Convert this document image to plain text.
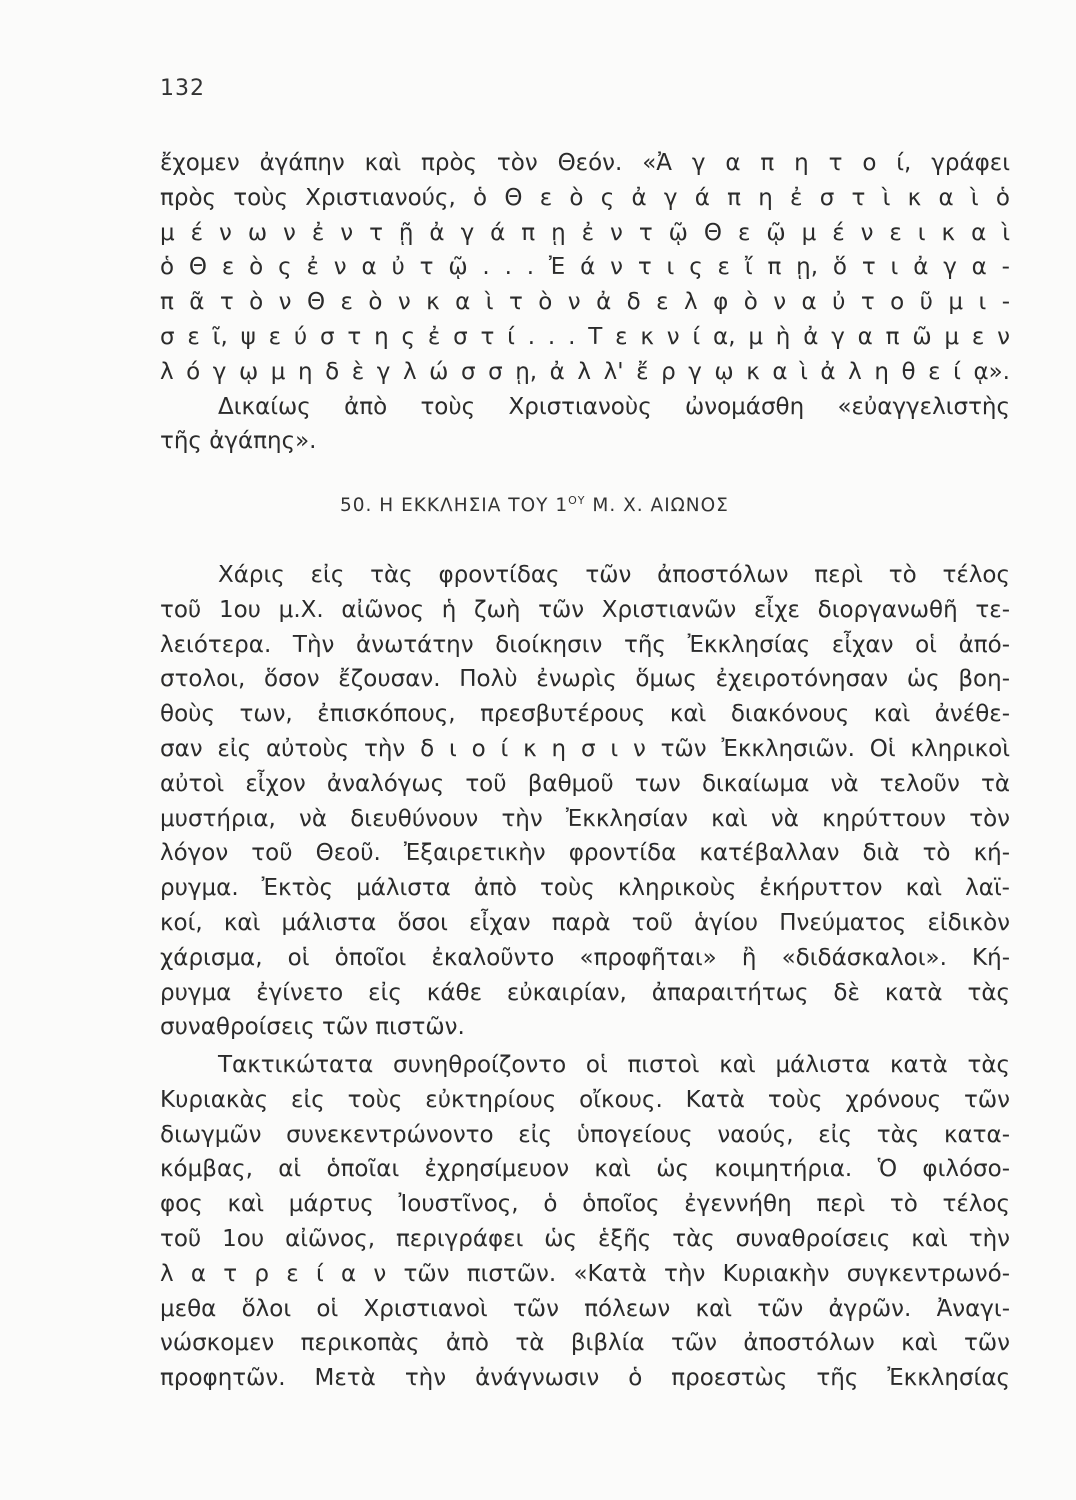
132
ἔχομεν ἀγάπην καὶ πρὸς τὸν Θεόν. «Ἀ γ α π η τ ο ί, γράφει
πρὸς τοὺς Χριστιανούς, ὁ Θ ε ὸ ς ἀ γ ά π η ἐ σ τ ὶ κ α ὶ ὁ
μ έ ν ω ν ἐ ν τ ῇ ἀ γ ά π ῃ ἐ ν τ ῷ Θ ε ῷ μ έ ν ε ι κ α ὶ
ὁ Θ ε ὸ ς ἐ ν α ὐ τ ῷ . . . Ἐ ά ν τ ι ς ε ἴ π ῃ, ὅ τ ι ἀ γ α -
π ᾶ τ ὸ ν Θ ε ὸ ν κ α ὶ τ ὸ ν ἀ δ ε λ φ ὸ ν α ὐ τ ο ῦ μ ι -
σ ε ῖ, ψ ε ύ σ τ η ς ἐ σ τ ί . . . Τ ε κ ν ί α, μ ὴ ἀ γ α π ῶ μ ε ν
λ ό γ ῳ μ η δ ὲ γ λ ώ σ σ ῃ, ἀ λ λ' ἔ ρ γ ῳ κ α ὶ ἀ λ η θ ε ί ᾳ».
Δικαίως ἀπὸ τοὺς Χριστιανοὺς ὠνομάσθη «εὐαγγελιστὴς
τῆς ἀγάπης».
50. Η ΕΚΚΛΗΣΙΑ ΤΟΥ $1^{O\Upsilon}$ Μ. Χ. ΑΙΩΝΟΣ
Χάρις εἰς τὰς φροντίδας τῶν ἀποστόλων περὶ τὸ τέλος
τοῦ 1ου μ.Χ. αἰῶνος ἡ ζωὴ τῶν Χριστιανῶν εἶχε διοργανωθῆ τε-
λειότερα. Τὴν ἀνωτάτην διοίκησιν τῆς Ἐκκλησίας εἶχαν οἱ ἀπό-
στολοι, ὅσον ἔζουσαν. Πολὺ ἐνωρὶς ὅμως ἐχειροτόνησαν ὡς βοη-
θοὺς των, ἐπισκόπους, πρεσβυτέρους καὶ διακόνους καὶ ἀνέθε-
σαν εἰς αὐτοὺς τὴν δ ι ο ί κ η σ ι ν τῶν Ἐκκλησιῶν. Οἱ κληρικοὶ
αὐτοὶ εἶχον ἀναλόγως τοῦ βαθμοῦ των δικαίωμα νὰ τελοῦν τὰ
μυστήρια, νὰ διευθύνουν τὴν Ἐκκλησίαν καὶ νὰ κηρύττουν τὸν
λόγον τοῦ Θεοῦ. Ἐξαιρετικὴν φροντίδα κατέβαλλαν διὰ τὸ κή-
ρυγμα. Ἐκτὸς μάλιστα ἀπὸ τοὺς κληρικοὺς ἐκήρυττον καὶ λαϊ-
κοί, καὶ μάλιστα ὅσοι εἶχαν παρὰ τοῦ ἁγίου Πνεύματος εἰδικὸν
χάρισμα, οἱ ὁποῖοι ἐκαλοῦντο «προφῆται» ἢ «διδάσκαλοι». Κή-
ρυγμα ἐγίνετο εἰς κάθε εὐκαιρίαν, ἀπαραιτήτως δὲ κατὰ τὰς
συναθροίσεις τῶν πιστῶν.
Τακτικώτατα συνηθροίζοντο οἱ πιστοὶ καὶ μάλιστα κατὰ τὰς
Κυριακὰς εἰς τοὺς εὐκτηρίους οἴκους. Κατὰ τοὺς χρόνους τῶν
διωγμῶν συνεκεντρώνοντο εἰς ὑπογείους ναούς, εἰς τὰς κατα-
κόμβας, αἱ ὁποῖαι ἐχρησίμευον καὶ ὡς κοιμητήρια. Ὁ φιλόσο-
φος καὶ μάρτυς Ἰουστῖνος, ὁ ὁποῖος ἐγεννήθη περὶ τὸ τέλος
τοῦ 1ου αἰῶνος, περιγράφει ὡς ἑξῆς τὰς συναθροίσεις καὶ τὴν
λ α τ ρ ε ί α ν τῶν πιστῶν. «Κατὰ τὴν Κυριακὴν συγκεντρωνό-
μεθα ὅλοι οἱ Χριστιανοὶ τῶν πόλεων καὶ τῶν ἀγρῶν. Ἀναγι-
νώσκομεν περικοπὰς ἀπὸ τὰ βιβλία τῶν ἀποστόλων καὶ τῶν
προφητῶν. Μετὰ τὴν ἀνάγνωσιν ὁ προεστὼς τῆς Ἐκκλησίας
